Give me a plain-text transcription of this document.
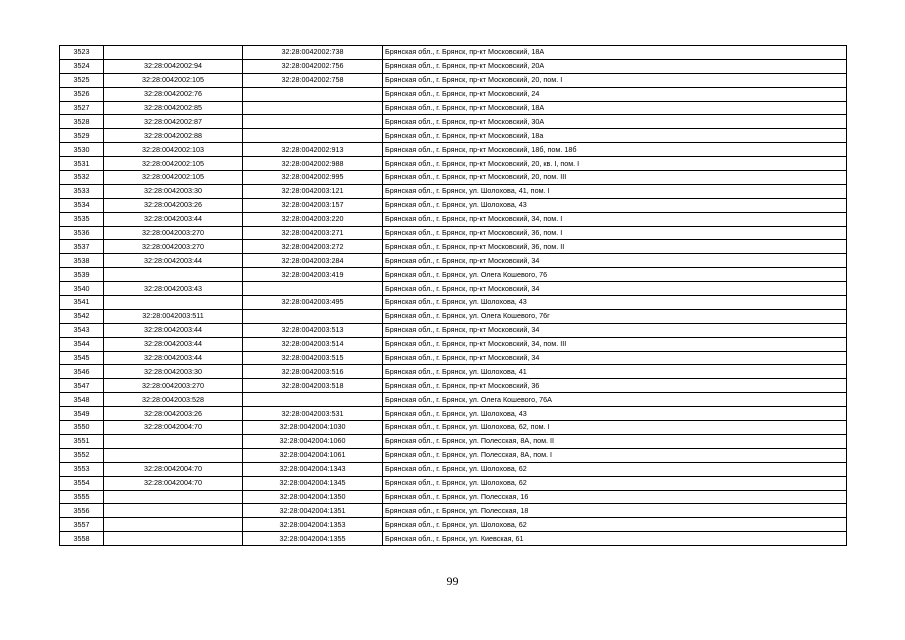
3523		32:28:0042002:738	Брянская обл., г. Брянск, пр-кт Московский, 18А
3524	32:28:0042002:94	32:28:0042002:756	Брянская обл., г. Брянск, пр-кт Московский, 20А
3525	32:28:0042002:105	32:28:0042002:758	Брянская обл., г. Брянск, пр-кт Московский, 20, пом. I
3526	32:28:0042002:76		Брянская обл., г. Брянск, пр-кт Московский, 24
3527	32:28:0042002:85		Брянская обл., г. Брянск, пр-кт Московский, 18А
3528	32:28:0042002:87		Брянская обл., г. Брянск, пр-кт Московский, 30А
3529	32:28:0042002:88		Брянская обл., г. Брянск, пр-кт Московский, 18а
3530	32:28:0042002:103	32:28:0042002:913	Брянская обл., г. Брянск, пр-кт Московский, 18б, пом. 18б
3531	32:28:0042002:105	32:28:0042002:988	Брянская обл., г. Брянск, пр-кт Московский, 20, кв. I, пом. I
3532	32:28:0042002:105	32:28:0042002:995	Брянская обл., г. Брянск, пр-кт Московский, 20, пом. III
3533	32:28:0042003:30	32:28:0042003:121	Брянская обл., г. Брянск, ул. Шолохова, 41, пом. I
3534	32:28:0042003:26	32:28:0042003:157	Брянская обл., г. Брянск, ул. Шолохова, 43
3535	32:28:0042003:44	32:28:0042003:220	Брянская обл., г. Брянск, пр-кт Московский, 34, пом. I
3536	32:28:0042003:270	32:28:0042003:271	Брянская обл., г. Брянск, пр-кт Московский, 36, пом. I
3537	32:28:0042003:270	32:28:0042003:272	Брянская обл., г. Брянск, пр-кт Московский, 36, пом. II
3538	32:28:0042003:44	32:28:0042003:284	Брянская обл., г. Брянск, пр-кт Московский, 34
3539		32:28:0042003:419	Брянская обл., г. Брянск, ул. Олега Кошевого, 76
3540	32:28:0042003:43		Брянская обл., г. Брянск, пр-кт Московский, 34
3541		32:28:0042003:495	Брянская обл., г. Брянск, ул. Шолохова, 43
3542	32:28:0042003:511		Брянская обл., г. Брянск, ул. Олега Кошевого, 76г
3543	32:28:0042003:44	32:28:0042003:513	Брянская обл., г. Брянск, пр-кт Московский, 34
3544	32:28:0042003:44	32:28:0042003:514	Брянская обл., г. Брянск, пр-кт Московский, 34, пом. III
3545	32:28:0042003:44	32:28:0042003:515	Брянская обл., г. Брянск, пр-кт Московский, 34
3546	32:28:0042003:30	32:28:0042003:516	Брянская обл., г. Брянск, ул. Шолохова, 41
3547	32:28:0042003:270	32:28:0042003:518	Брянская обл., г. Брянск, пр-кт Московский, 36
3548	32:28:0042003:528		Брянская обл., г. Брянск, ул. Олега Кошевого, 76А
3549	32:28:0042003:26	32:28:0042003:531	Брянская обл., г. Брянск, ул. Шолохова, 43
3550	32:28:0042004:70	32:28:0042004:1030	Брянская обл., г. Брянск, ул. Шолохова, 62, пом. I
3551		32:28:0042004:1060	Брянская обл., г. Брянск, ул. Полесская, 8А, пом. II
3552		32:28:0042004:1061	Брянская обл., г. Брянск, ул. Полесская, 8А, пом. I
3553	32:28:0042004:70	32:28:0042004:1343	Брянская обл., г. Брянск, ул. Шолохова, 62
3554	32:28:0042004:70	32:28:0042004:1345	Брянская обл., г. Брянск, ул. Шолохова, 62
3555		32:28:0042004:1350	Брянская обл., г. Брянск, ул. Полесская, 16
3556		32:28:0042004:1351	Брянская обл., г. Брянск, ул. Полесская, 18
3557		32:28:0042004:1353	Брянская обл., г. Брянск, ул. Шолохова, 62
3558		32:28:0042004:1355	Брянская обл., г. Брянск, ул. Киевская, 61
99
